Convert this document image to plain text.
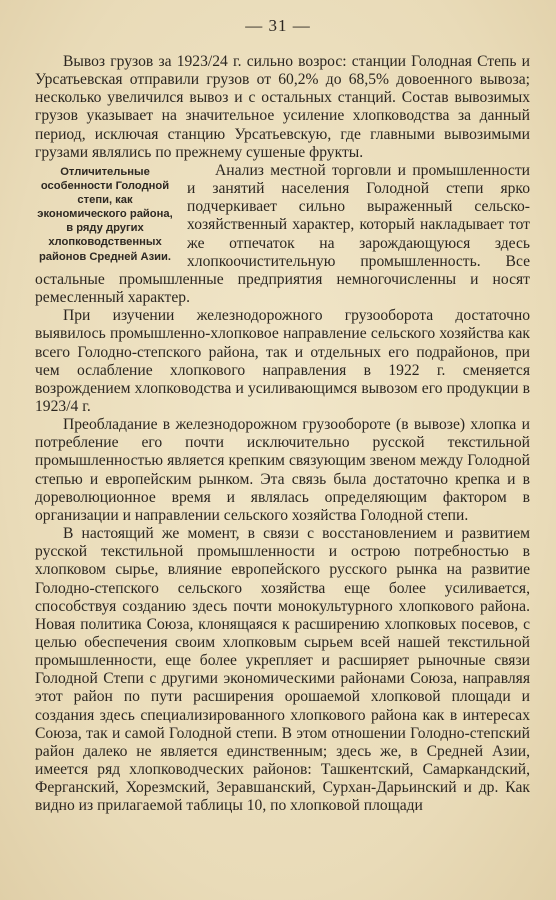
— 31 —

Вывоз грузов за 1923/24 г. сильно возрос: станции Голодная Степь и Урсатьевская отправили грузов от 60,2% до 68,5% довоенного вывоза; несколько увеличился вывоз и с остальных станций. Состав вывозимых грузов указывает на значительное усиление хлопководства за данный период, исключая станцию Урсатьевскую, где главными вывозимыми грузами являлись по прежнему сушеные фрукты.

Отличительные особенности Голодной степи, как экономического района, в ряду других хлопководственных районов Средней Азии.

Анализ местной торговли и промышленности и занятий населения Голодной степи ярко подчеркивает сильно выраженный сельско-хозяйственный характер, который накладывает тот же отпечаток на зарождающуюся здесь хлопкоочистительную промышленность. Все остальные промышленные предприятия немногочисленны и носят ремесленный характер.

При изучении железнодорожного грузооборота достаточно выявилось промышленно-хлопковое направление сельского хозяйства как всего Голодно-степского района, так и отдельных его подрайонов, при чем ослабление хлопкового направления в 1922 г. сменяется возрождением хлопководства и усиливающимся вывозом его продукции в 1923/4 г.

Преобладание в железнодорожном грузообороте (в вывозе) хлопка и потребление его почти исключительно русской текстильной промышленностью является крепким связующим звеном между Голодной степью и европейским рынком. Эта связь была достаточно крепка и в дореволюционное время и являлась определяющим фактором в организации и направлении сельского хозяйства Голодной степи.

В настоящий же момент, в связи с восстановлением и развитием русской текстильной промышленности и острою потребностью в хлопковом сырье, влияние европейского русского рынка на развитие Голодно-степского сельского хозяйства еще более усиливается, способствуя созданию здесь почти монокультурного хлопкового района. Новая политика Союза, клонящаяся к расширению хлопковых посевов, с целью обеспечения своим хлопковым сырьем всей нашей текстильной промышленности, еще более укрепляет и расширяет рыночные связи Голодной Степи с другими экономическими районами Союза, направляя этот район по пути расширения орошаемой хлопковой площади и создания здесь специализированного хлопкового района как в интересах Союза, так и самой Голодной степи. В этом отношении Голодно-степский район далеко не является единственным; здесь же, в Средней Азии, имеется ряд хлопководческих районов: Ташкентский, Самаркандский, Ферганский, Хорезмский, Зеравшанский, Сурхан-Дарьинский и др. Как видно из прилагаемой таблицы 10, по хлопковой площади
